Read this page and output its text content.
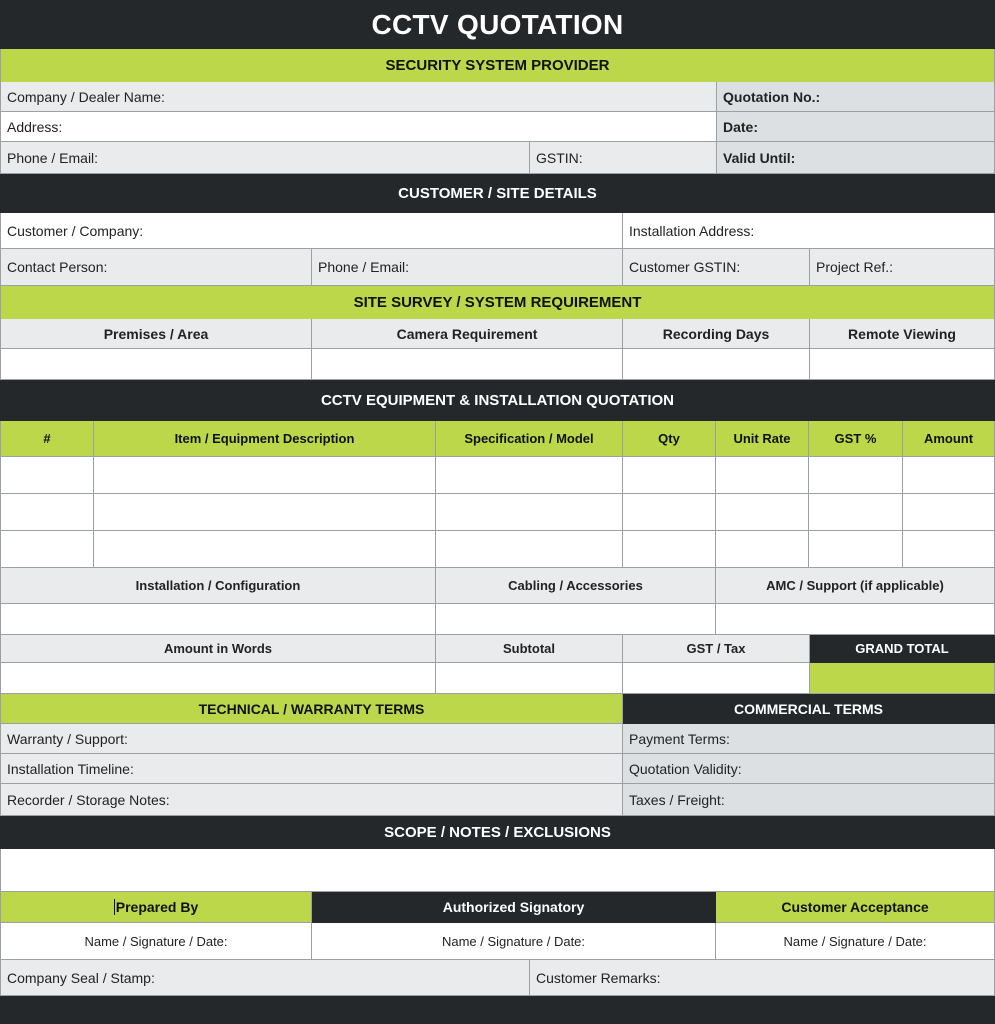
CCTV QUOTATION
SECURITY SYSTEM PROVIDER
Company / Dealer Name:	Quotation No.:
Address:	Date:
Phone / Email:	GSTIN:	Valid Until:
CUSTOMER / SITE DETAILS
Customer / Company:	Installation Address:
Contact Person:	Phone / Email:	Customer GSTIN:	Project Ref.:
SITE SURVEY / SYSTEM REQUIREMENT
Premises / Area	Camera Requirement	Recording Days	Remote Viewing
CCTV EQUIPMENT & INSTALLATION QUOTATION
#	Item / Equipment Description	Specification / Model	Qty	Unit Rate	GST %	Amount
Installation / Configuration	Cabling / Accessories	AMC / Support (if applicable)
Amount in Words	Subtotal	GST / Tax	GRAND TOTAL
TECHNICAL / WARRANTY TERMS	COMMERCIAL TERMS
Warranty / Support:	Payment Terms:
Installation Timeline:	Quotation Validity:
Recorder / Storage Notes:	Taxes / Freight:
SCOPE / NOTES / EXCLUSIONS
Prepared By	Authorized Signatory	Customer Acceptance
Name / Signature / Date:	Name / Signature / Date:	Name / Signature / Date:
Company Seal / Stamp:	Customer Remarks:
